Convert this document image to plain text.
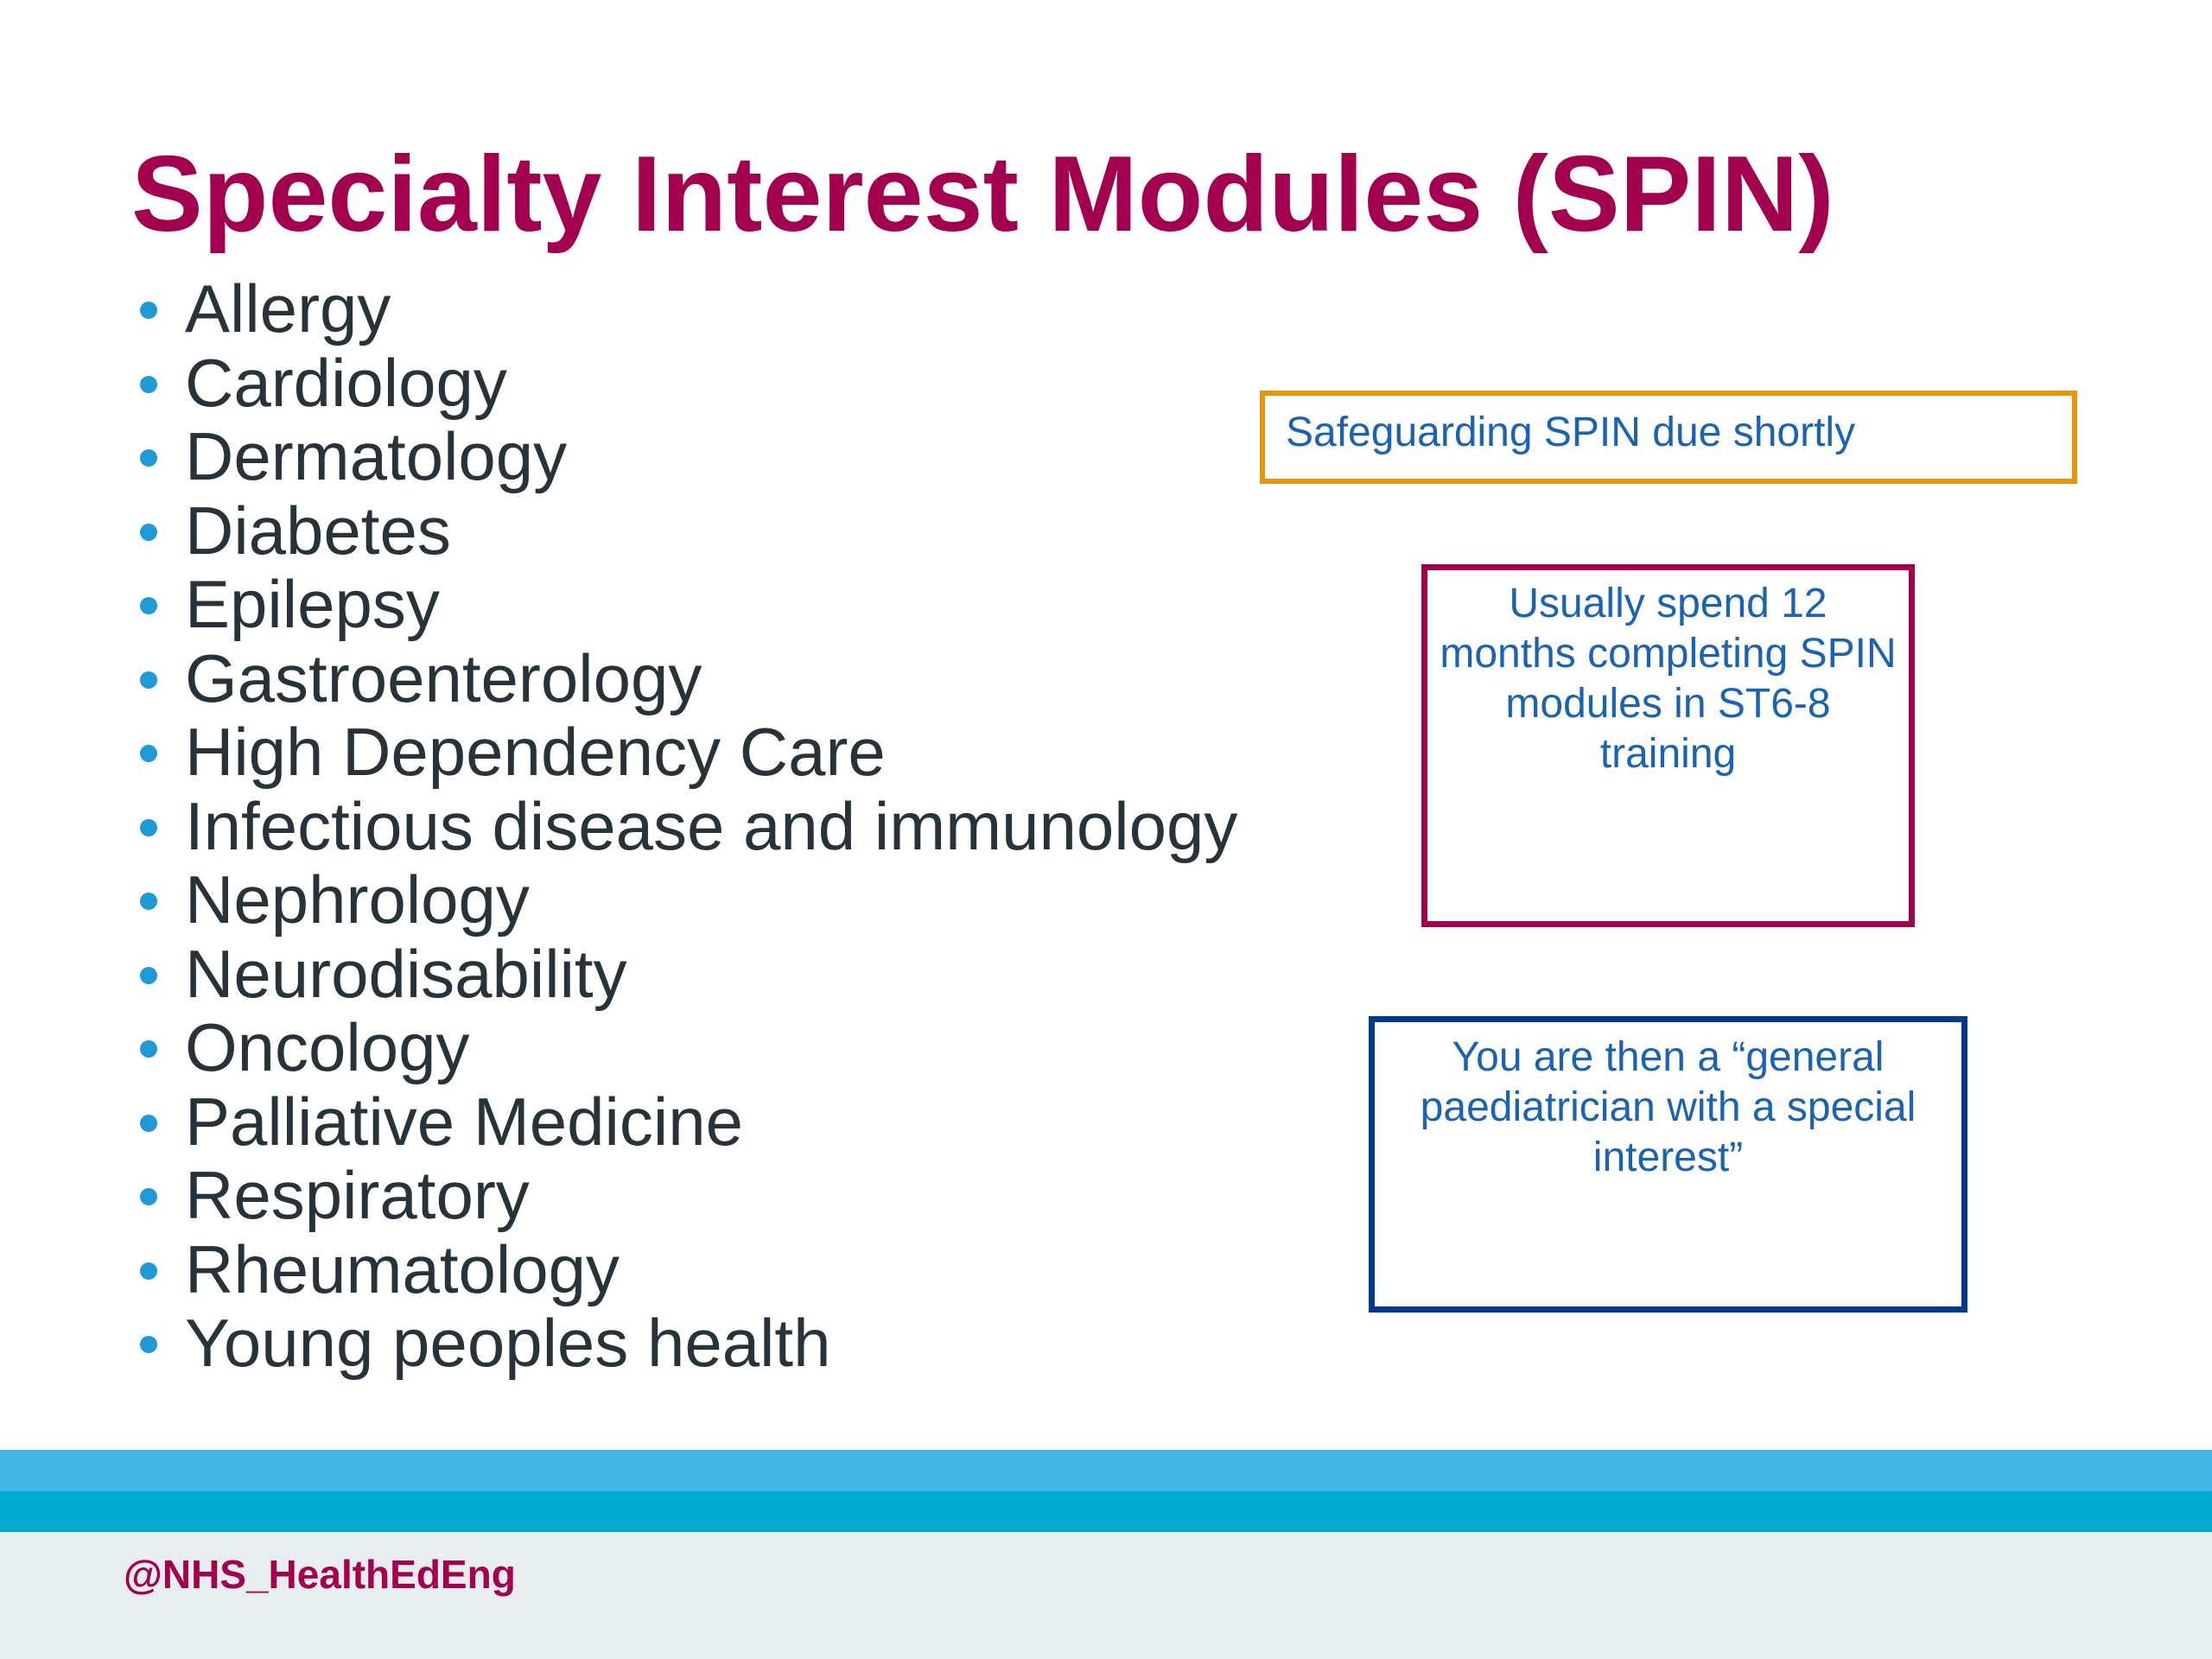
Specialty Interest Modules (SPIN)
Allergy
Cardiology
Dermatology
Diabetes
Epilepsy
Gastroenterology
High Dependency Care
Infectious disease and immunology
Nephrology
Neurodisability
Oncology
Palliative Medicine
Respiratory
Rheumatology
Young peoples health
Safeguarding SPIN due shortly
Usually spend 12 months completing SPIN modules in ST6-8 training
You are then a “general paediatrician with a special interest”
@NHS_HealthEdEng
